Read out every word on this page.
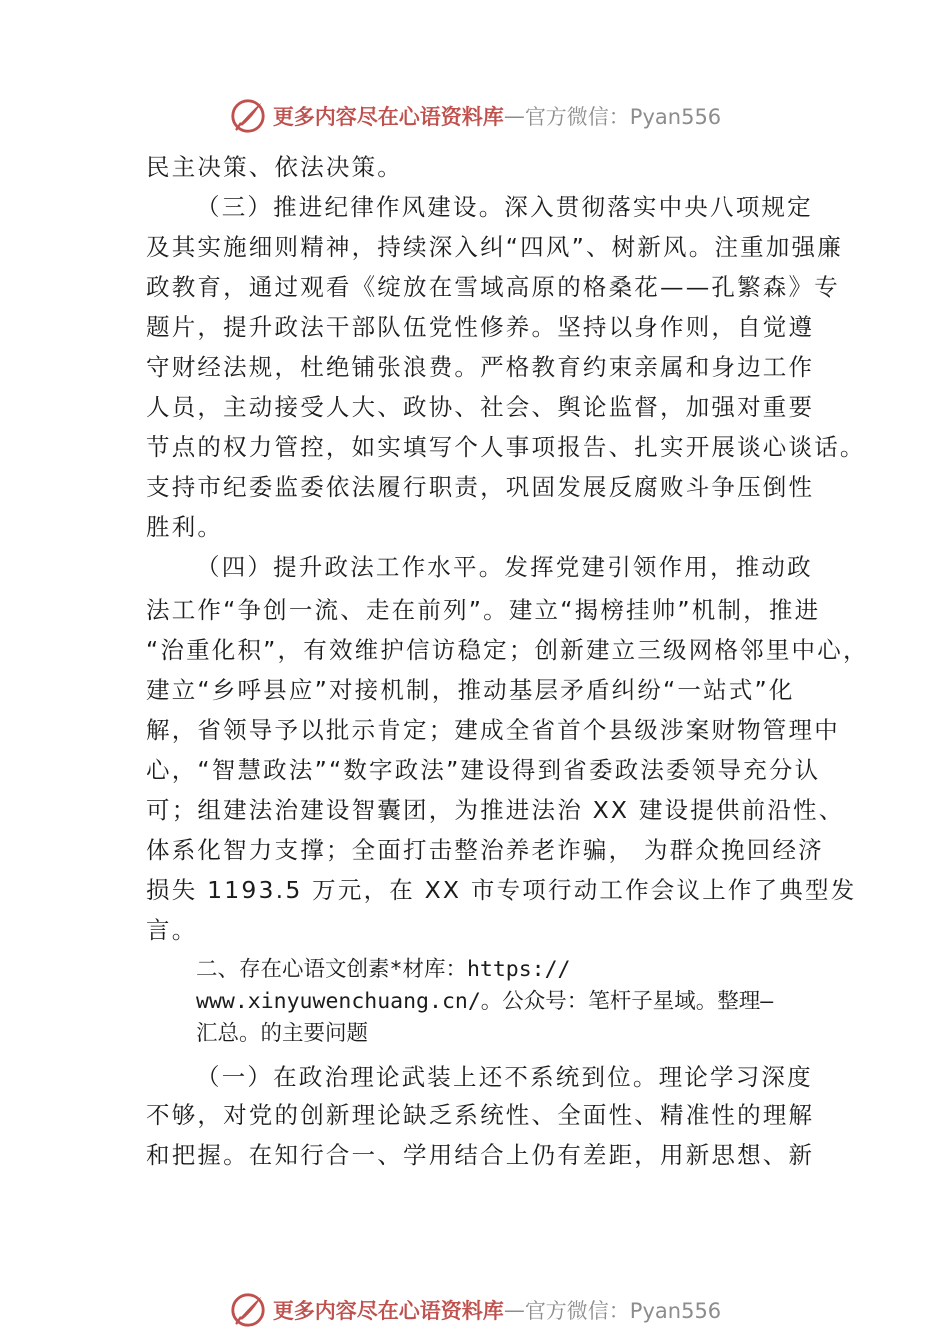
更多内容尽在心语资料库 — 官方微信：Pyan556
民主决策、依法决策。
（三）推进纪律作风建设。深入贯彻落实中央八项规定
及其实施细则精神，持续深入纠“四风”、树新风。注重加强廉
政教育，通过观看《绽放在雪域高原的格桑花——孔繁森》专
题片，提升政法干部队伍党性修养。坚持以身作则，自觉遵
守财经法规，杜绝铺张浪费。严格教育约束亲属和身边工作
人员，主动接受人大、政协、社会、舆论监督，加强对重要
节点的权力管控，如实填写个人事项报告、扎实开展谈心谈话。
支持市纪委监委依法履行职责，巩固发展反腐败斗争压倒性
胜利。
（四）提升政法工作水平。发挥党建引领作用，推动政
法工作“争创一流、走在前列”。建立“揭榜挂帅”机制，推进
“治重化积”，有效维护信访稳定；创新建立三级网格邻里中心，
建立“乡呼县应”对接机制，推动基层矛盾纠纷“一站式”化
解，省领导予以批示肯定；建成全省首个县级涉案财物管理中
心，“智慧政法”“数字政法”建设得到省委政法委领导充分认
可；组建法治建设智囊团，为推进法治 XX 建设提供前沿性、
体系化智力支撑；全面打击整治养老诈骗， 为群众挽回经济
损失 1193.5 万元，在 XX 市专项行动工作会议上作了典型发
言。
二、存在心语文创素*材库：https://
www.xinyuwenchuang.cn/。公众号：笔杆子星域。整理—
汇总。的主要问题
（一）在政治理论武装上还不系统到位。理论学习深度
不够，对党的创新理论缺乏系统性、全面性、精准性的理解
和把握。在知行合一、学用结合上仍有差距，用新思想、新
更多内容尽在心语资料库 — 官方微信：Pyan556
